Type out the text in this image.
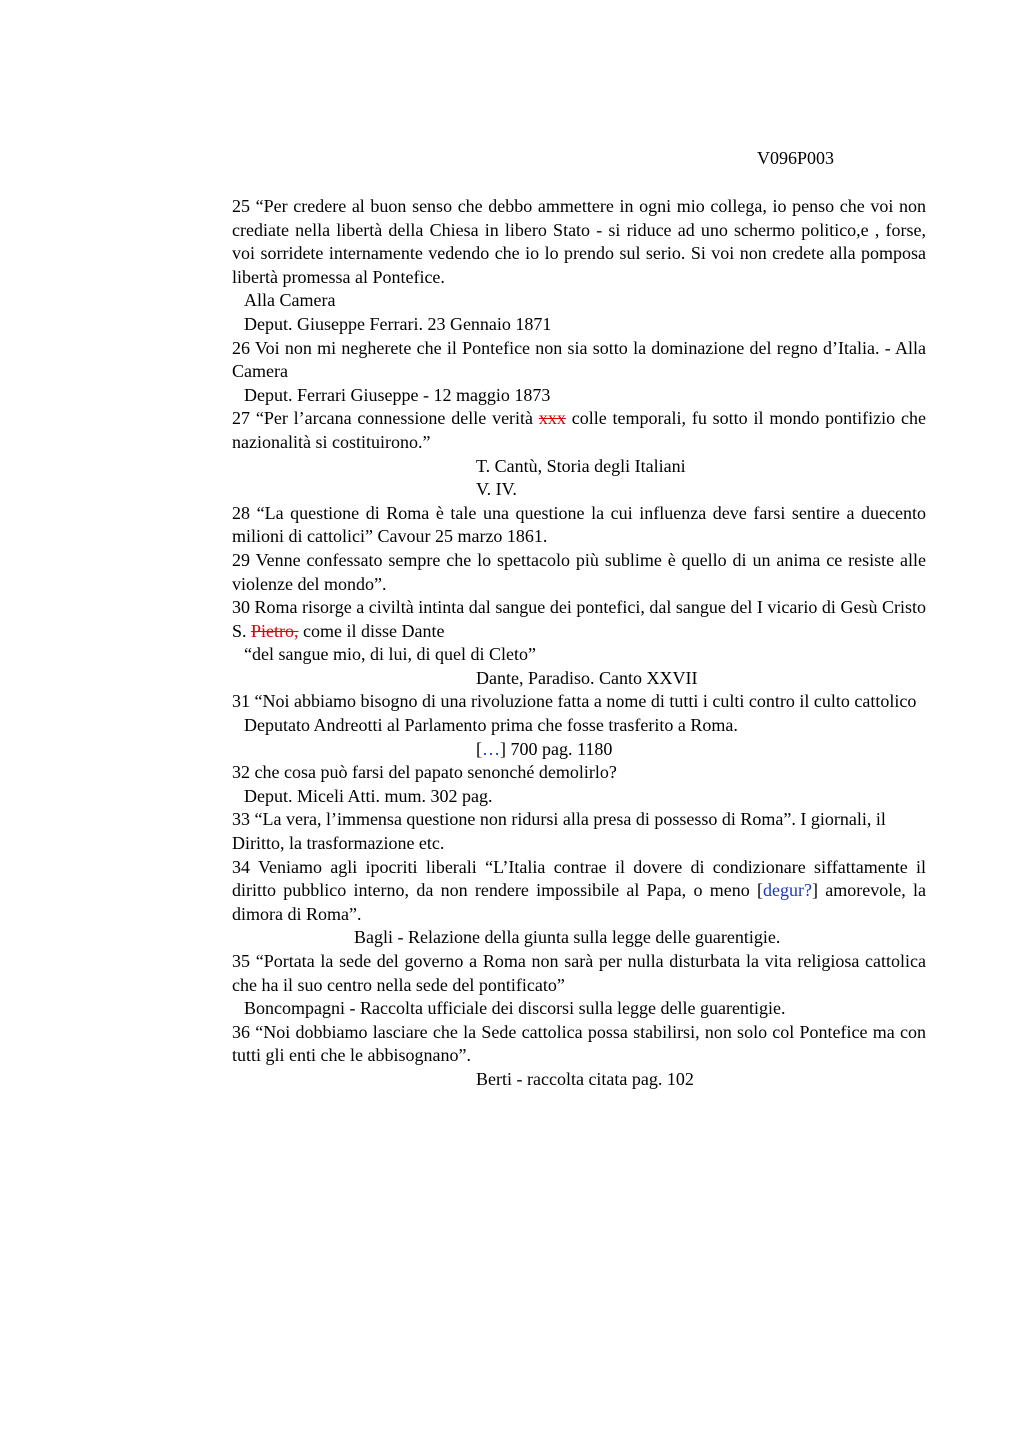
V096P003

25 “Per credere al buon senso che debbo ammettere in ogni mio collega, io penso che voi non crediate nella libertà della Chiesa in libero Stato - si riduce ad uno schermo politico,e , forse, voi sorridete internamente vedendo che io lo prendo sul serio. Si voi non credete alla pomposa libertà promessa al Pontefice.

Alla Camera

Deput. Giuseppe Ferrari. 23 Gennaio 1871

26 Voi non mi negherete che il Pontefice non sia sotto la dominazione del regno d’Italia. - Alla Camera

Deput. Ferrari Giuseppe - 12 maggio 1873

27 “Per l’arcana connessione delle verità xxx colle temporali, fu sotto il mondo pontifizio che nazionalità si costituirono.”

T. Cantù, Storia degli Italiani

V. IV.

28 “La questione di Roma è tale una questione la cui influenza deve farsi sentire a duecento milioni di cattolici” Cavour 25 marzo 1861.

29 Venne confessato sempre che lo spettacolo più sublime è quello di un anima ce resiste alle violenze del mondo”.

30 Roma risorge a civiltà intinta dal sangue dei pontefici, dal sangue del I vicario di Gesù Cristo S. Pietro, come il disse Dante

“del sangue mio, di lui, di quel di Cleto”

Dante, Paradiso. Canto XXVII

31 “Noi abbiamo bisogno di una rivoluzione fatta a nome di tutti i culti contro il culto cattolico

Deputato Andreotti al Parlamento prima che fosse trasferito a Roma.

[…] 700 pag. 1180

32 che cosa può farsi del papato senonché demolirlo?

Deput. Miceli Atti. mum. 302 pag.

33 “La vera, l’immensa questione non ridursi alla presa di possesso di Roma”. I giornali, il Diritto, la trasformazione etc.

34 Veniamo agli ipocriti liberali “L’Italia contrae il dovere di condizionare siffattamente il diritto pubblico interno, da non rendere impossibile al Papa, o meno [degur?] amorevole, la dimora di Roma”.

Bagli - Relazione della giunta sulla legge delle guarentigie.

35 “Portata la sede del governo a Roma non sarà per nulla disturbata la vita religiosa cattolica che ha il suo centro nella sede del pontificato”

Boncompagni - Raccolta ufficiale dei discorsi sulla legge delle guarentigie.

36 “Noi dobbiamo lasciare che la Sede cattolica possa stabilirsi, non solo col Pontefice ma con tutti gli enti che le abbisognano”.

Berti - raccolta citata pag. 102
